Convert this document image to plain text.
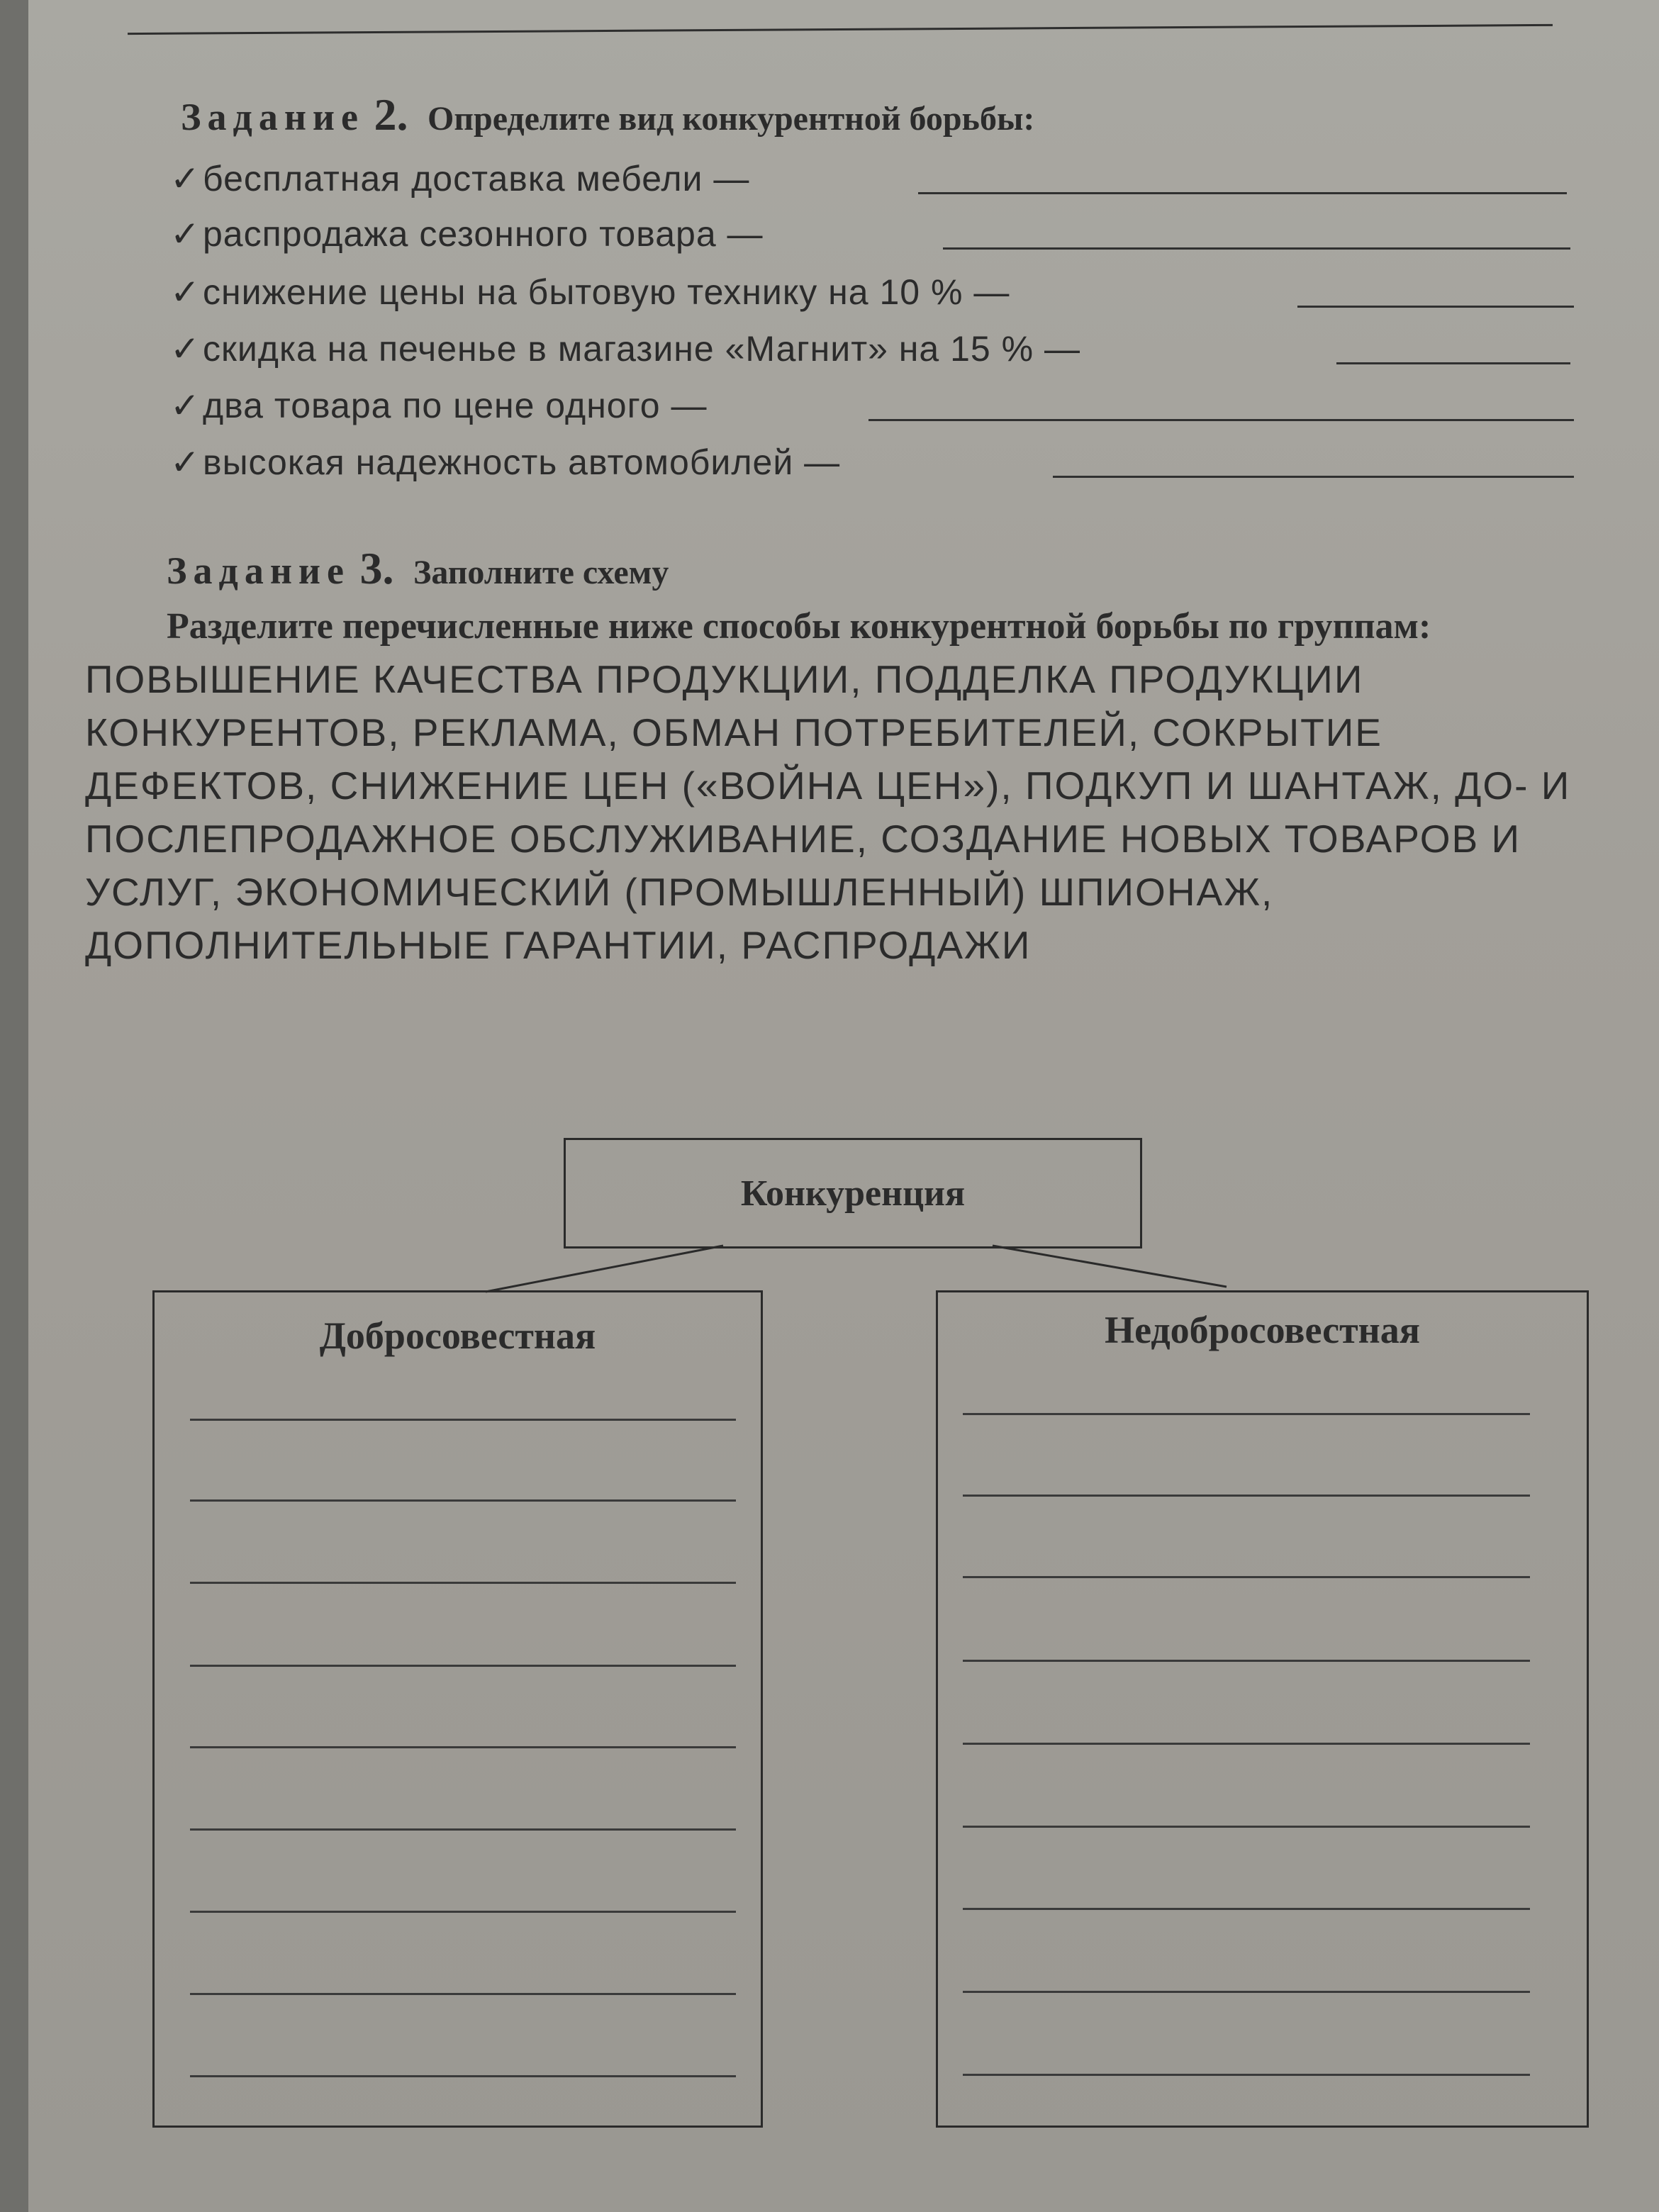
Задание 2. Определите вид конкурентной борьбы:
✓бесплатная доставка мебели —
✓распродажа сезонного товара —
✓снижение цены на бытовую технику на 10 % —
✓скидка на печенье в магазине «Магнит» на 15 % —
✓два товара по цене одного —
✓высокая надежность автомобилей —
Задание 3. Заполните схему
Разделите перечисленные ниже способы конкурентной борьбы по группам: ПОВЫШЕНИЕ КАЧЕСТВА ПРОДУКЦИИ, ПОДДЕЛКА ПРОДУКЦИИ КОНКУРЕНТОВ, РЕКЛАМА, ОБМАН ПОТРЕБИТЕЛЕЙ, СОКРЫТИЕ ДЕФЕКТОВ, СНИЖЕНИЕ ЦЕН («ВОЙНА ЦЕН»), ПОДКУП И ШАНТАЖ, ДО- И ПОСЛЕПРОДАЖНОЕ ОБСЛУЖИВАНИЕ, СОЗДАНИЕ НОВЫХ ТОВАРОВ И УСЛУГ, ЭКОНОМИЧЕСКИЙ (ПРОМЫШЛЕННЫЙ) ШПИОНАЖ, ДОПОЛНИТЕЛЬНЫЕ ГАРАНТИИ, РАСПРОДАЖИ
Конкуренция
Добросовестная	Недобросовестная
